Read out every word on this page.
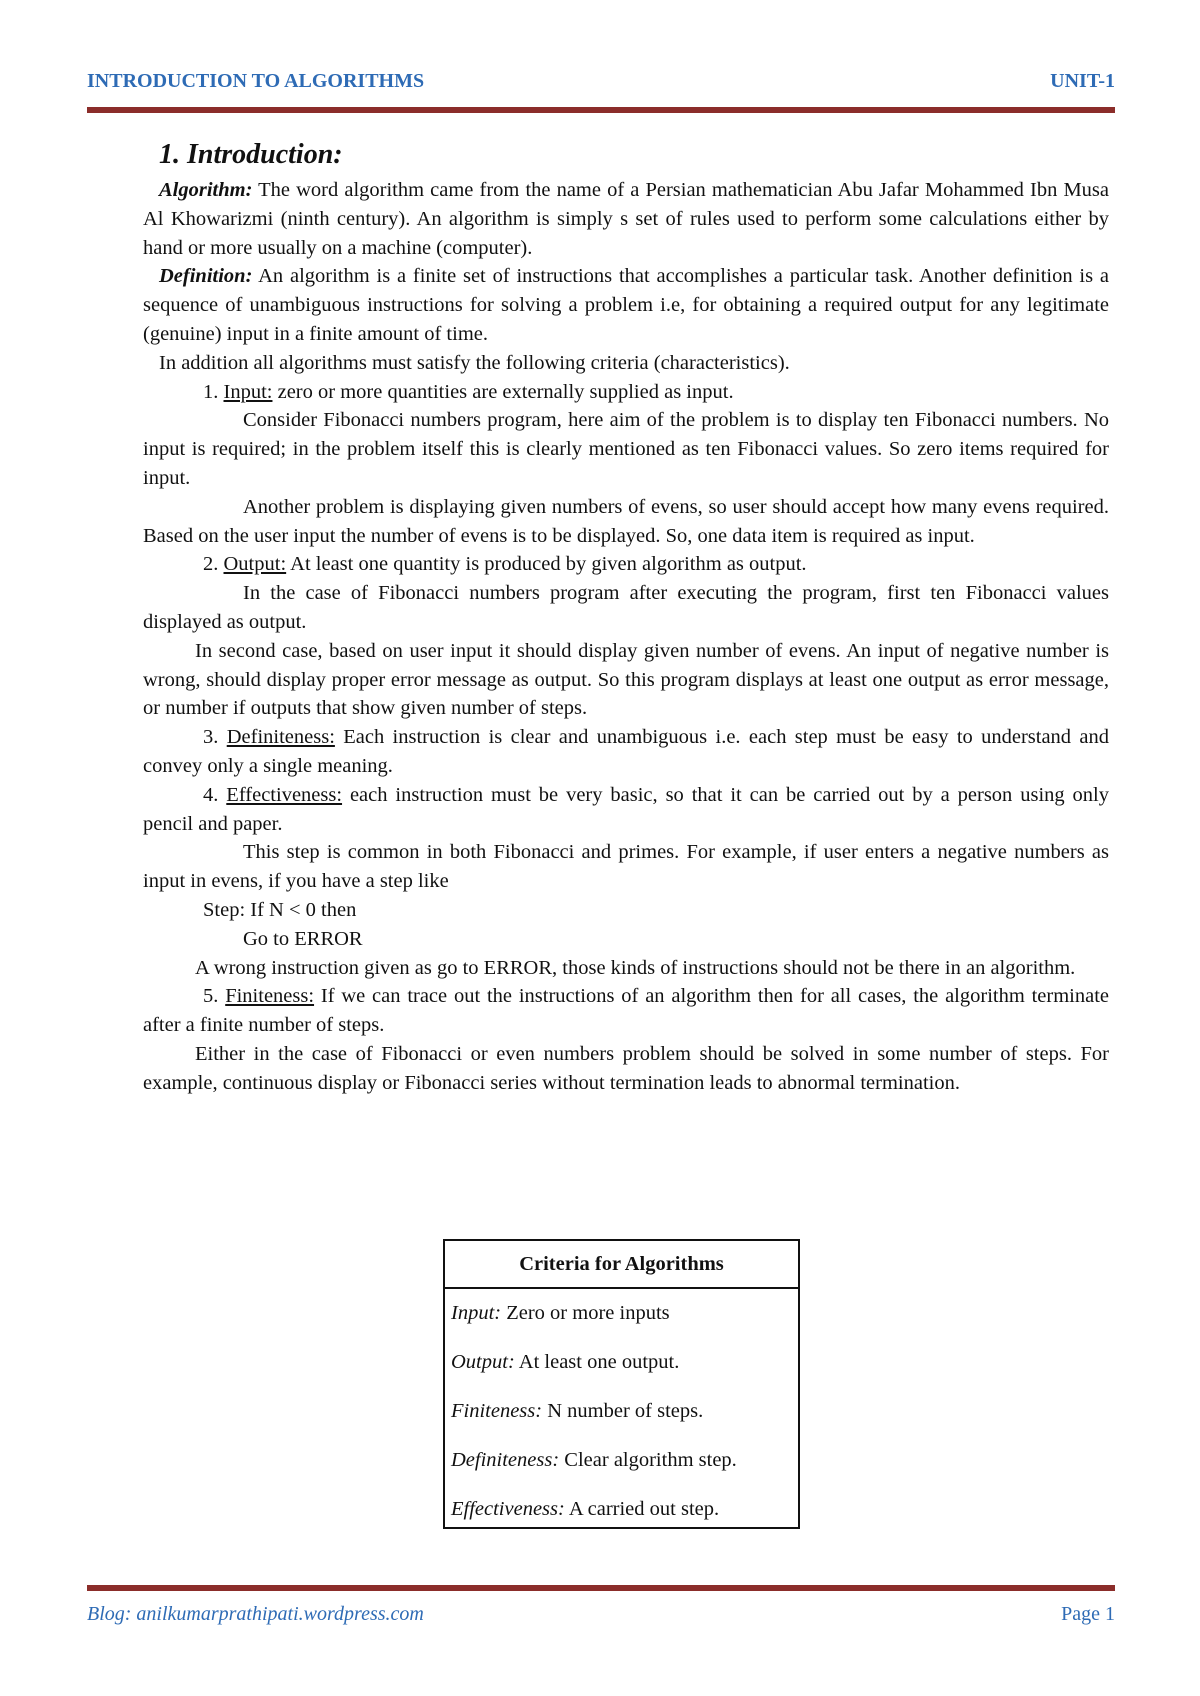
INTRODUCTION TO ALGORITHMS	UNIT-1
1. Introduction:

Algorithm: The word algorithm came from the name of a Persian mathematician Abu Jafar Mohammed Ibn Musa Al Khowarizmi (ninth century). An algorithm is simply s set of rules used to perform some calculations either by hand or more usually on a machine (computer).

Definition: An algorithm is a finite set of instructions that accomplishes a particular task. Another definition is a sequence of unambiguous instructions for solving a problem i.e, for obtaining a required output for any legitimate (genuine) input in a finite amount of time.

In addition all algorithms must satisfy the following criteria (characteristics).

1. Input: zero or more quantities are externally supplied as input.

Consider Fibonacci numbers program, here aim of the problem is to display ten Fibonacci numbers. No input is required; in the problem itself this is clearly mentioned as ten Fibonacci values. So zero items required for input.

Another problem is displaying given numbers of evens, so user should accept how many evens required. Based on the user input the number of evens is to be displayed. So, one data item is required as input.

2. Output: At least one quantity is produced by given algorithm as output.

In the case of Fibonacci numbers program after executing the program, first ten Fibonacci values displayed as output.

In second case, based on user input it should display given number of evens. An input of negative number is wrong, should display proper error message as output. So this program displays at least one output as error message, or number if outputs that show given number of steps.

3. Definiteness: Each instruction is clear and unambiguous i.e. each step must be easy to understand and convey only a single meaning.

4. Effectiveness: each instruction must be very basic, so that it can be carried out by a person using only pencil and paper.

This step is common in both Fibonacci and primes. For example, if user enters a negative numbers as input in evens, if you have a step like

Step: If N < 0 then

Go to ERROR

A wrong instruction given as go to ERROR, those kinds of instructions should not be there in an algorithm.

5. Finiteness: If we can trace out the instructions of an algorithm then for all cases, the algorithm terminate after a finite number of steps.

Either in the case of Fibonacci or even numbers problem should be solved in some number of steps. For example, continuous display or Fibonacci series without termination leads to abnormal termination.

Criteria for Algorithms
Input: Zero or more inputs
Output: At least one output.
Finiteness: N number of steps.
Definiteness: Clear algorithm step.
Effectiveness: A carried out step.
Blog: anilkumarprathipati.wordpress.com	Page 1
